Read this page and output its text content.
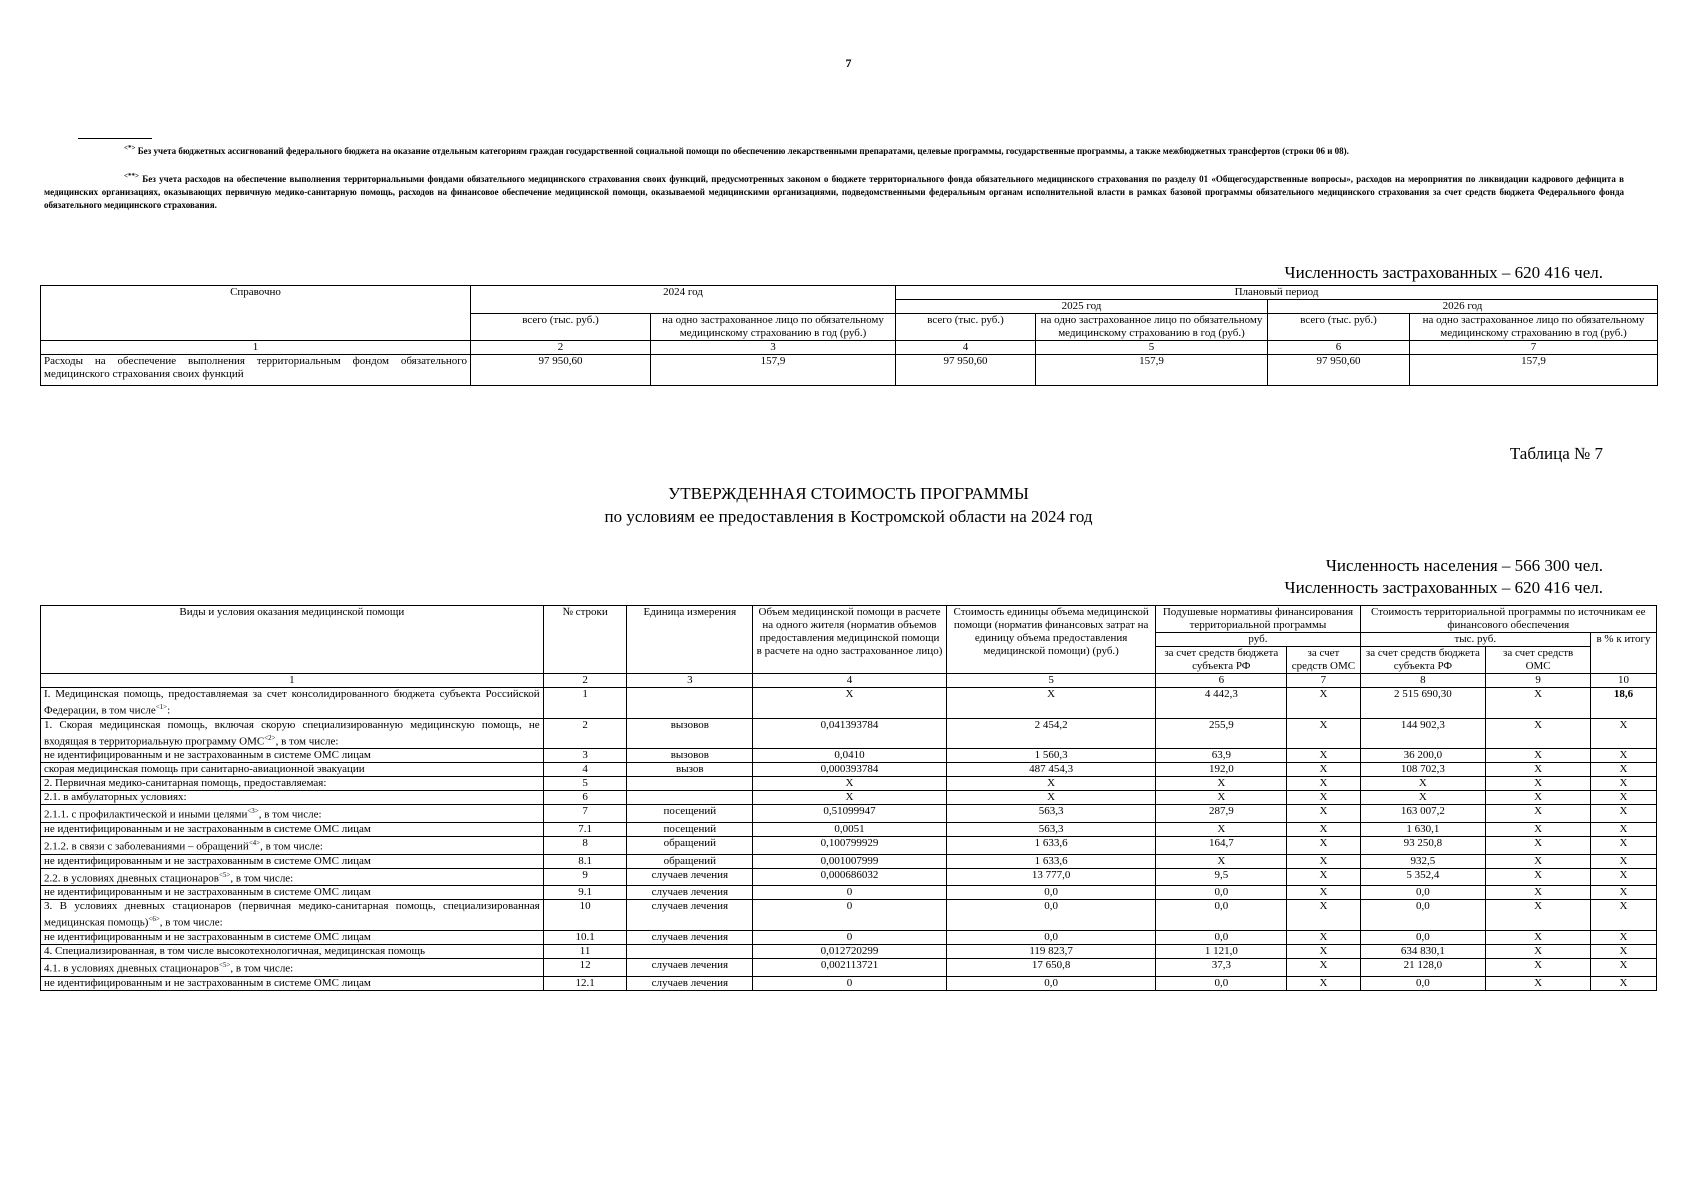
7
<*> Без учета бюджетных ассигнований федерального бюджета на оказание отдельным категориям граждан государственной социальной помощи по обеспечению лекарственными препаратами, целевые программы, государственные программы, а также межбюджетных трансфертов (строки 06 и 08).
<**> Без учета расходов на обеспечение выполнения территориальными фондами обязательного медицинского страхования своих функций, предусмотренных законом о бюджете территориального фонда обязательного медицинского страхования по разделу 01 «Общегосударственные вопросы», расходов на мероприятия по ликвидации кадрового дефицита в медицинских организациях, оказывающих первичную медико-санитарную помощь, расходов на финансовое обеспечение медицинской помощи, оказываемой медицинскими организациями, подведомственными федеральным органам исполнительной власти в рамках базовой программы обязательного медицинского страхования за счет средств бюджета Федерального фонда обязательного медицинского страхования.
Численность застрахованных – 620 416 чел.
Справочно	2024 год		Плановый период			
			2025 год		2026 год	
	всего (тыс. руб.)	на одно застрахованное лицо по обязательному медицинскому страхованию в год (руб.)	всего (тыс. руб.)	на одно застрахованное лицо по обязательному медицинскому страхованию в год (руб.)	всего (тыс. руб.)	на одно застрахованное лицо по обязательному медицинскому страхованию в год (руб.)
1	2	3	4	5	6	7
Расходы на обеспечение выполнения территориальным фондом обязательного медицинского страхования своих функций	97 950,60	157,9	97 950,60	157,9	97 950,60	157,9
Таблица № 7
УТВЕРЖДЕННАЯ СТОИМОСТЬ ПРОГРАММЫ
по условиям ее предоставления в Костромской области на 2024 год
Численность населения – 566 300 чел.
Численность застрахованных – 620 416 чел.
Виды и условия оказания медицинской помощи	№ строки	Единица измерения	Объем медицинской помощи в расчете на одного жителя (норматив объемов предоставления медицинской помощи в расчете на одно застрахованное лицо)	Стоимость единицы объема медицинской помощи (норматив финансовых затрат на единицу объема предоставления медицинской помощи) (руб.)	Подушевые нормативы финансирования территориальной программы		Стоимость территориальной программы по источникам ее финансового обеспечения		
					руб.		тыс. руб.		в % к итогу
					за счет средств бюджета субъекта РФ	за счет средств ОМС	за счет средств бюджета субъекта РФ	за счет средств ОМС	
1	2	3	4	5	6	7	8	9	10
I. Медицинская помощь, предоставляемая за счет консолидированного бюджета субъекта Российской Федерации, в том числе$^{<1>}$:	1		X	X	4 442,3	X	2 515 690,30	X	18,6
1. Скорая медицинская помощь, включая скорую специализированную медицинскую помощь, не входящая в территориальную программу $ОМС^{<2>}$, в том числе:	2	вызовов	0,041393784	2 454,2	255,9	X	144 902,3	X	X
не идентифицированным и не застрахованным в системе ОМС лицам	3	вызовов	0,0410	1 560,3	63,9	X	36 200,0	X	X
скорая медицинская помощь при санитарно-авиационной эвакуации	4	вызов	0,000393784	487 454,3	192,0	X	108 702,3	X	X
2. Первичная медико-санитарная помощь, предоставляемая:	5		X	X	X	X	X	X	X
2.1. в амбулаторных условиях:	6		X	X	X	X	X	X	X
2.1.1. с профилактической и иными целями$^{<3>}$, в том числе:	7	посещений	0,51099947	563,3	287,9	X	163 007,2	X	X
не идентифицированным и не застрахованным в системе ОМС лицам	7.1	посещений	0,0051	563,3	X	X	1 630,1	X	X
2.1.2. в связи с заболеваниями – обращений$^{<4>}$, в том числе:	8	обращений	0,100799929	1 633,6	164,7	X	93 250,8	X	X
не идентифицированным и не застрахованным в системе ОМС лицам	8.1	обращений	0,001007999	1 633,6	X	X	932,5	X	X
2.2. в условиях дневных стационаров$^{<5>}$, в том числе:	9	случаев лечения	0,000686032	13 777,0	9,5	X	5 352,4	X	X
не идентифицированным и не застрахованным в системе ОМС лицам	9.1	случаев лечения	0	0,0	0,0	X	0,0	X	X
3. В условиях дневных стационаров (первичная медико-санитарная помощь, специализированная медицинская помощь)$^{<6>}$, в том числе:	10	случаев лечения	0	0,0	0,0	X	0,0	X	X
не идентифицированным и не застрахованным в системе ОМС лицам	10.1	случаев лечения	0	0,0	0,0	X	0,0	X	X
4. Специализированная, в том числе высокотехнологичная, медицинская помощь	11		0,012720299	119 823,7	1 121,0	X	634 830,1	X	X
4.1. в условиях дневных стационаров$^{<5>}$, в том числе:	12	случаев лечения	0,002113721	17 650,8	37,3	X	21 128,0	X	X
не идентифицированным и не застрахованным в системе ОМС лицам	12.1	случаев лечения	0	0,0	0,0	X	0,0	X	X
